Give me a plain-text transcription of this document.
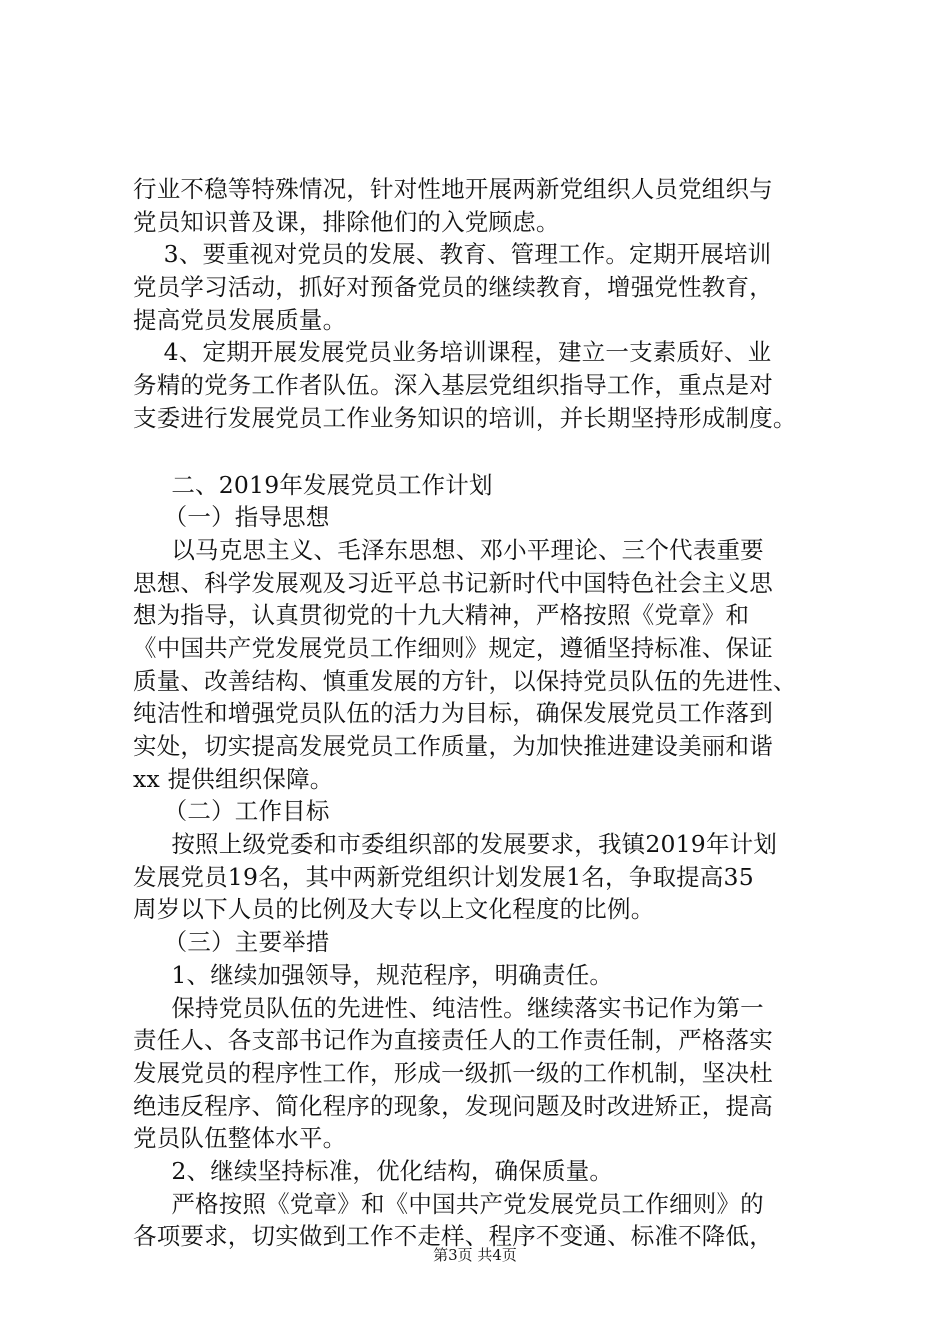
行业不稳等特殊情况，针对性地开展两新党组织人员党组织与
党员知识普及课，排除他们的入党顾虑。
3、要重视对党员的发展、教育、管理工作。定期开展培训
党员学习活动，抓好对预备党员的继续教育，增强党性教育，
提高党员发展质量。
4、定期开展发展党员业务培训课程，建立一支素质好、业
务精的党务工作者队伍。深入基层党组织指导工作，重点是对
支委进行发展党员工作业务知识的培训，并长期坚持形成制度。
二、2019年发展党员工作计划
（一）指导思想
以马克思主义、毛泽东思想、邓小平理论、三个代表重要
思想、科学发展观及习近平总书记新时代中国特色社会主义思
想为指导，认真贯彻党的十九大精神，严格按照《党章》和
《中国共产党发展党员工作细则》规定，遵循坚持标准、保证
质量、改善结构、慎重发展的方针，以保持党员队伍的先进性、
纯洁性和增强党员队伍的活力为目标，确保发展党员工作落到
实处，切实提高发展党员工作质量，为加快推进建设美丽和谐
xx 提供组织保障。
（二）工作目标
按照上级党委和市委组织部的发展要求，我镇2019年计划
发展党员19名，其中两新党组织计划发展1名，争取提高35
周岁以下人员的比例及大专以上文化程度的比例。
（三）主要举措
1、继续加强领导，规范程序，明确责任。
保持党员队伍的先进性、纯洁性。继续落实书记作为第一
责任人、各支部书记作为直接责任人的工作责任制，严格落实
发展党员的程序性工作，形成一级抓一级的工作机制，坚决杜
绝违反程序、简化程序的现象，发现问题及时改进矫正，提高
党员队伍整体水平。
2、继续坚持标准，优化结构，确保质量。
严格按照《党章》和《中国共产党发展党员工作细则》的
各项要求，切实做到工作不走样、程序不变通、标准不降低，
第3页 共4页
